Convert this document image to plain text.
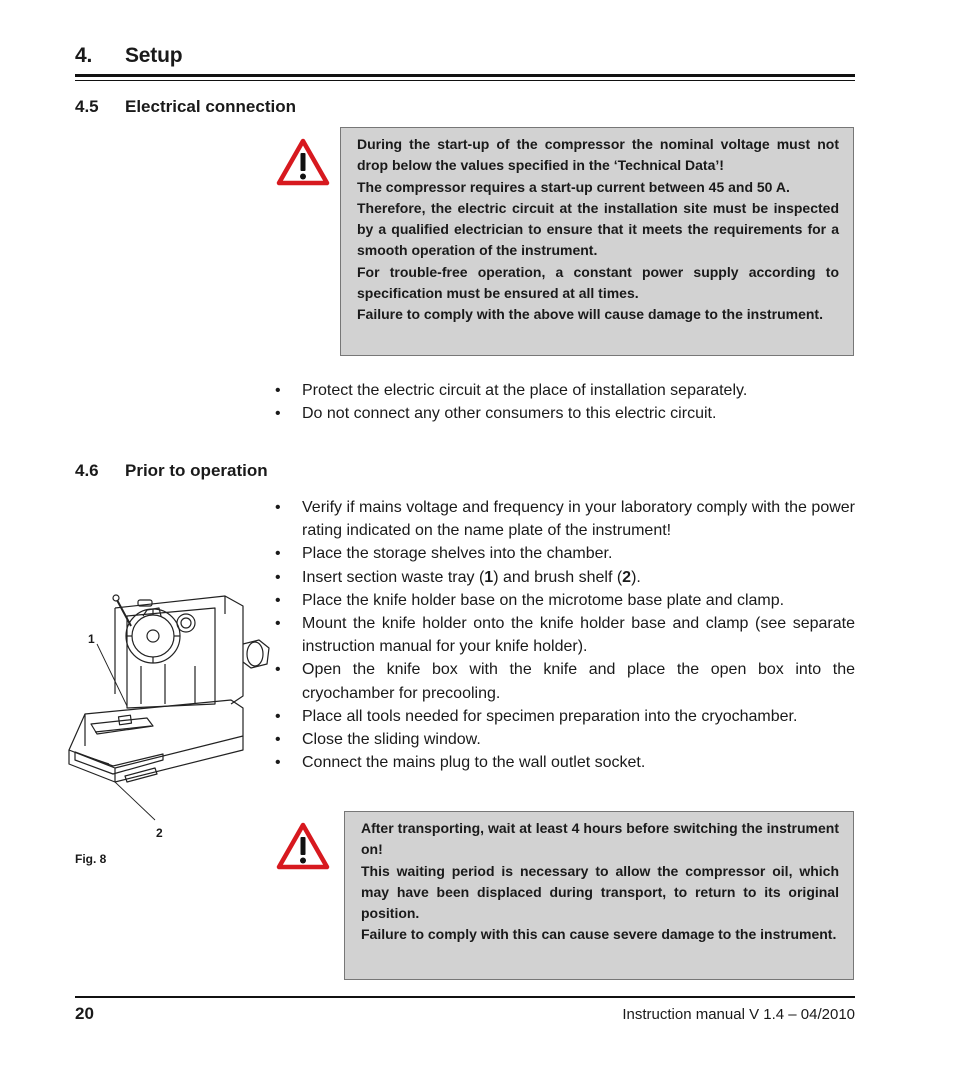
4. Setup
4.5 Electrical connection

During the start-up of the compressor the nominal voltage must not drop below the values specified in the ‘Technical Data’!

The compressor requires a start-up current between 45 and 50 A.

Therefore, the electric circuit at the installation site must be inspected by a qualified electrician to ensure that it meets the requirements for a smooth operation of the instrument.

For trouble-free operation, a constant power supply according to specification must be ensured at all times.

Failure to comply with the above will cause damage to the instrument.

• Protect the electric circuit at the place of installation separately.
• Do not connect any other consumers to this electric circuit.
4.6 Prior to operation
• Verify if mains voltage and frequency in your laboratory comply with the power rating indicated on the name plate of the instrument!
• Place the storage shelves into the chamber.
• Insert section waste tray (1) and brush shelf (2).
• Place the knife holder base on the microtome base plate and clamp.
• Mount the knife holder onto the knife holder base and clamp (see separate instruction manual for your knife holder).
• Open the knife box with the knife and place the open box into the cryochamber for precooling.
• Place all tools needed for specimen preparation into the cryochamber.
• Close the sliding window.
• Connect the mains plug to the wall outlet socket.
1
2
Fig. 8

After transporting, wait at least 4 hours before switching the instrument on!

This waiting period is necessary to allow the compressor oil, which may have been displaced during transport, to return to its original position.

Failure to comply with this can cause severe damage to the instrument.

20	Instruction manual V 1.4 – 04/2010
